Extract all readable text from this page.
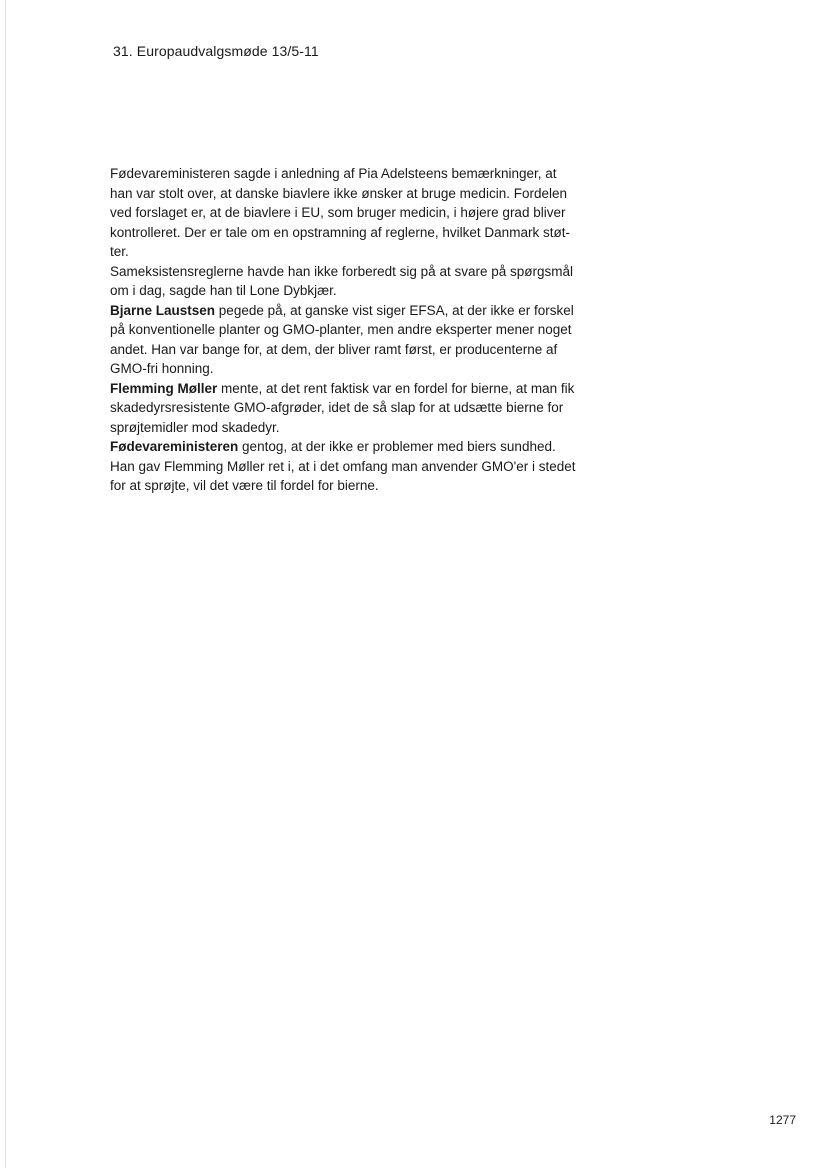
31. Europaudvalgsmøde 13/5-11

Fødevareministeren sagde i anledning af Pia Adelsteens bemærkninger, at

han var stolt over, at danske biavlere ikke ønsker at bruge medicin. Fordelen

ved forslaget er, at de biavlere i EU, som bruger medicin, i højere grad bliver

kontrolleret. Der er tale om en opstramning af reglerne, hvilket Danmark støt-

ter.

Sameksistensreglerne havde han ikke forberedt sig på at svare på spørgsmål

om i dag, sagde han til Lone Dybkjær.

Bjarne Laustsen pegede på, at ganske vist siger EFSA, at der ikke er forskel

på konventionelle planter og GMO-planter, men andre eksperter mener noget

andet. Han var bange for, at dem, der bliver ramt først, er producenterne af

GMO-fri honning.

Flemming Møller mente, at det rent faktisk var en fordel for bierne, at man fik

skadedyrsresistente GMO-afgrøder, idet de så slap for at udsætte bierne for

sprøjtemidler mod skadedyr.

Fødevareministeren gentog, at der ikke er problemer med biers sundhed.

Han gav Flemming Møller ret i, at i det omfang man anvender GMO'er i stedet

for at sprøjte, vil det være til fordel for bierne.

1277
